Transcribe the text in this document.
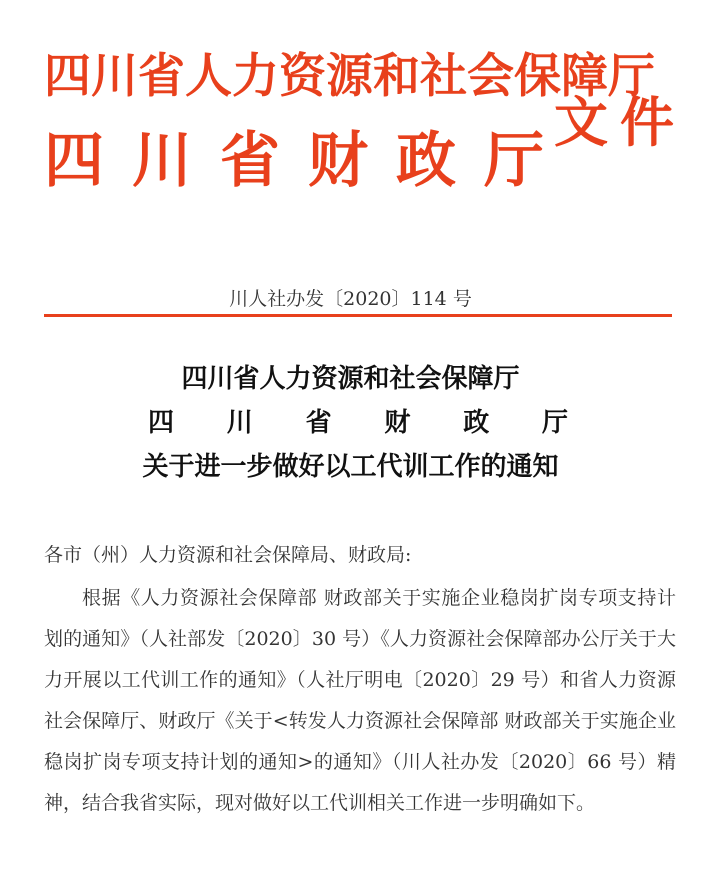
四 川 省 人 力 资 源 和 社 会 保 障 厅
四 川 省 财 政 厅
文 件
川人社办发〔2020〕114 号
四川省人力资源和社会保障厅
四 川 省 财 政 厅
关于进一步做好以工代训工作的通知
各市（州）人力资源和社会保障局、财政局:

根据《人力资源社会保障部 财政部关于实施企业稳岗扩岗专项支持计划的通知》（人社部发〔2020〕30 号）《人力资源社会保障部办公厅关于大力开展以工代训工作的通知》（人社厅明电〔2020〕29 号）和省人力资源社会保障厅、财政厅《关于<转发人力资源社会保障部 财政部关于实施企业稳岗扩岗专项支持计划的通知>的通知》（川人社办发〔2020〕66 号）精神，结合我省实际，现对做好以工代训相关工作进一步明确如下。
